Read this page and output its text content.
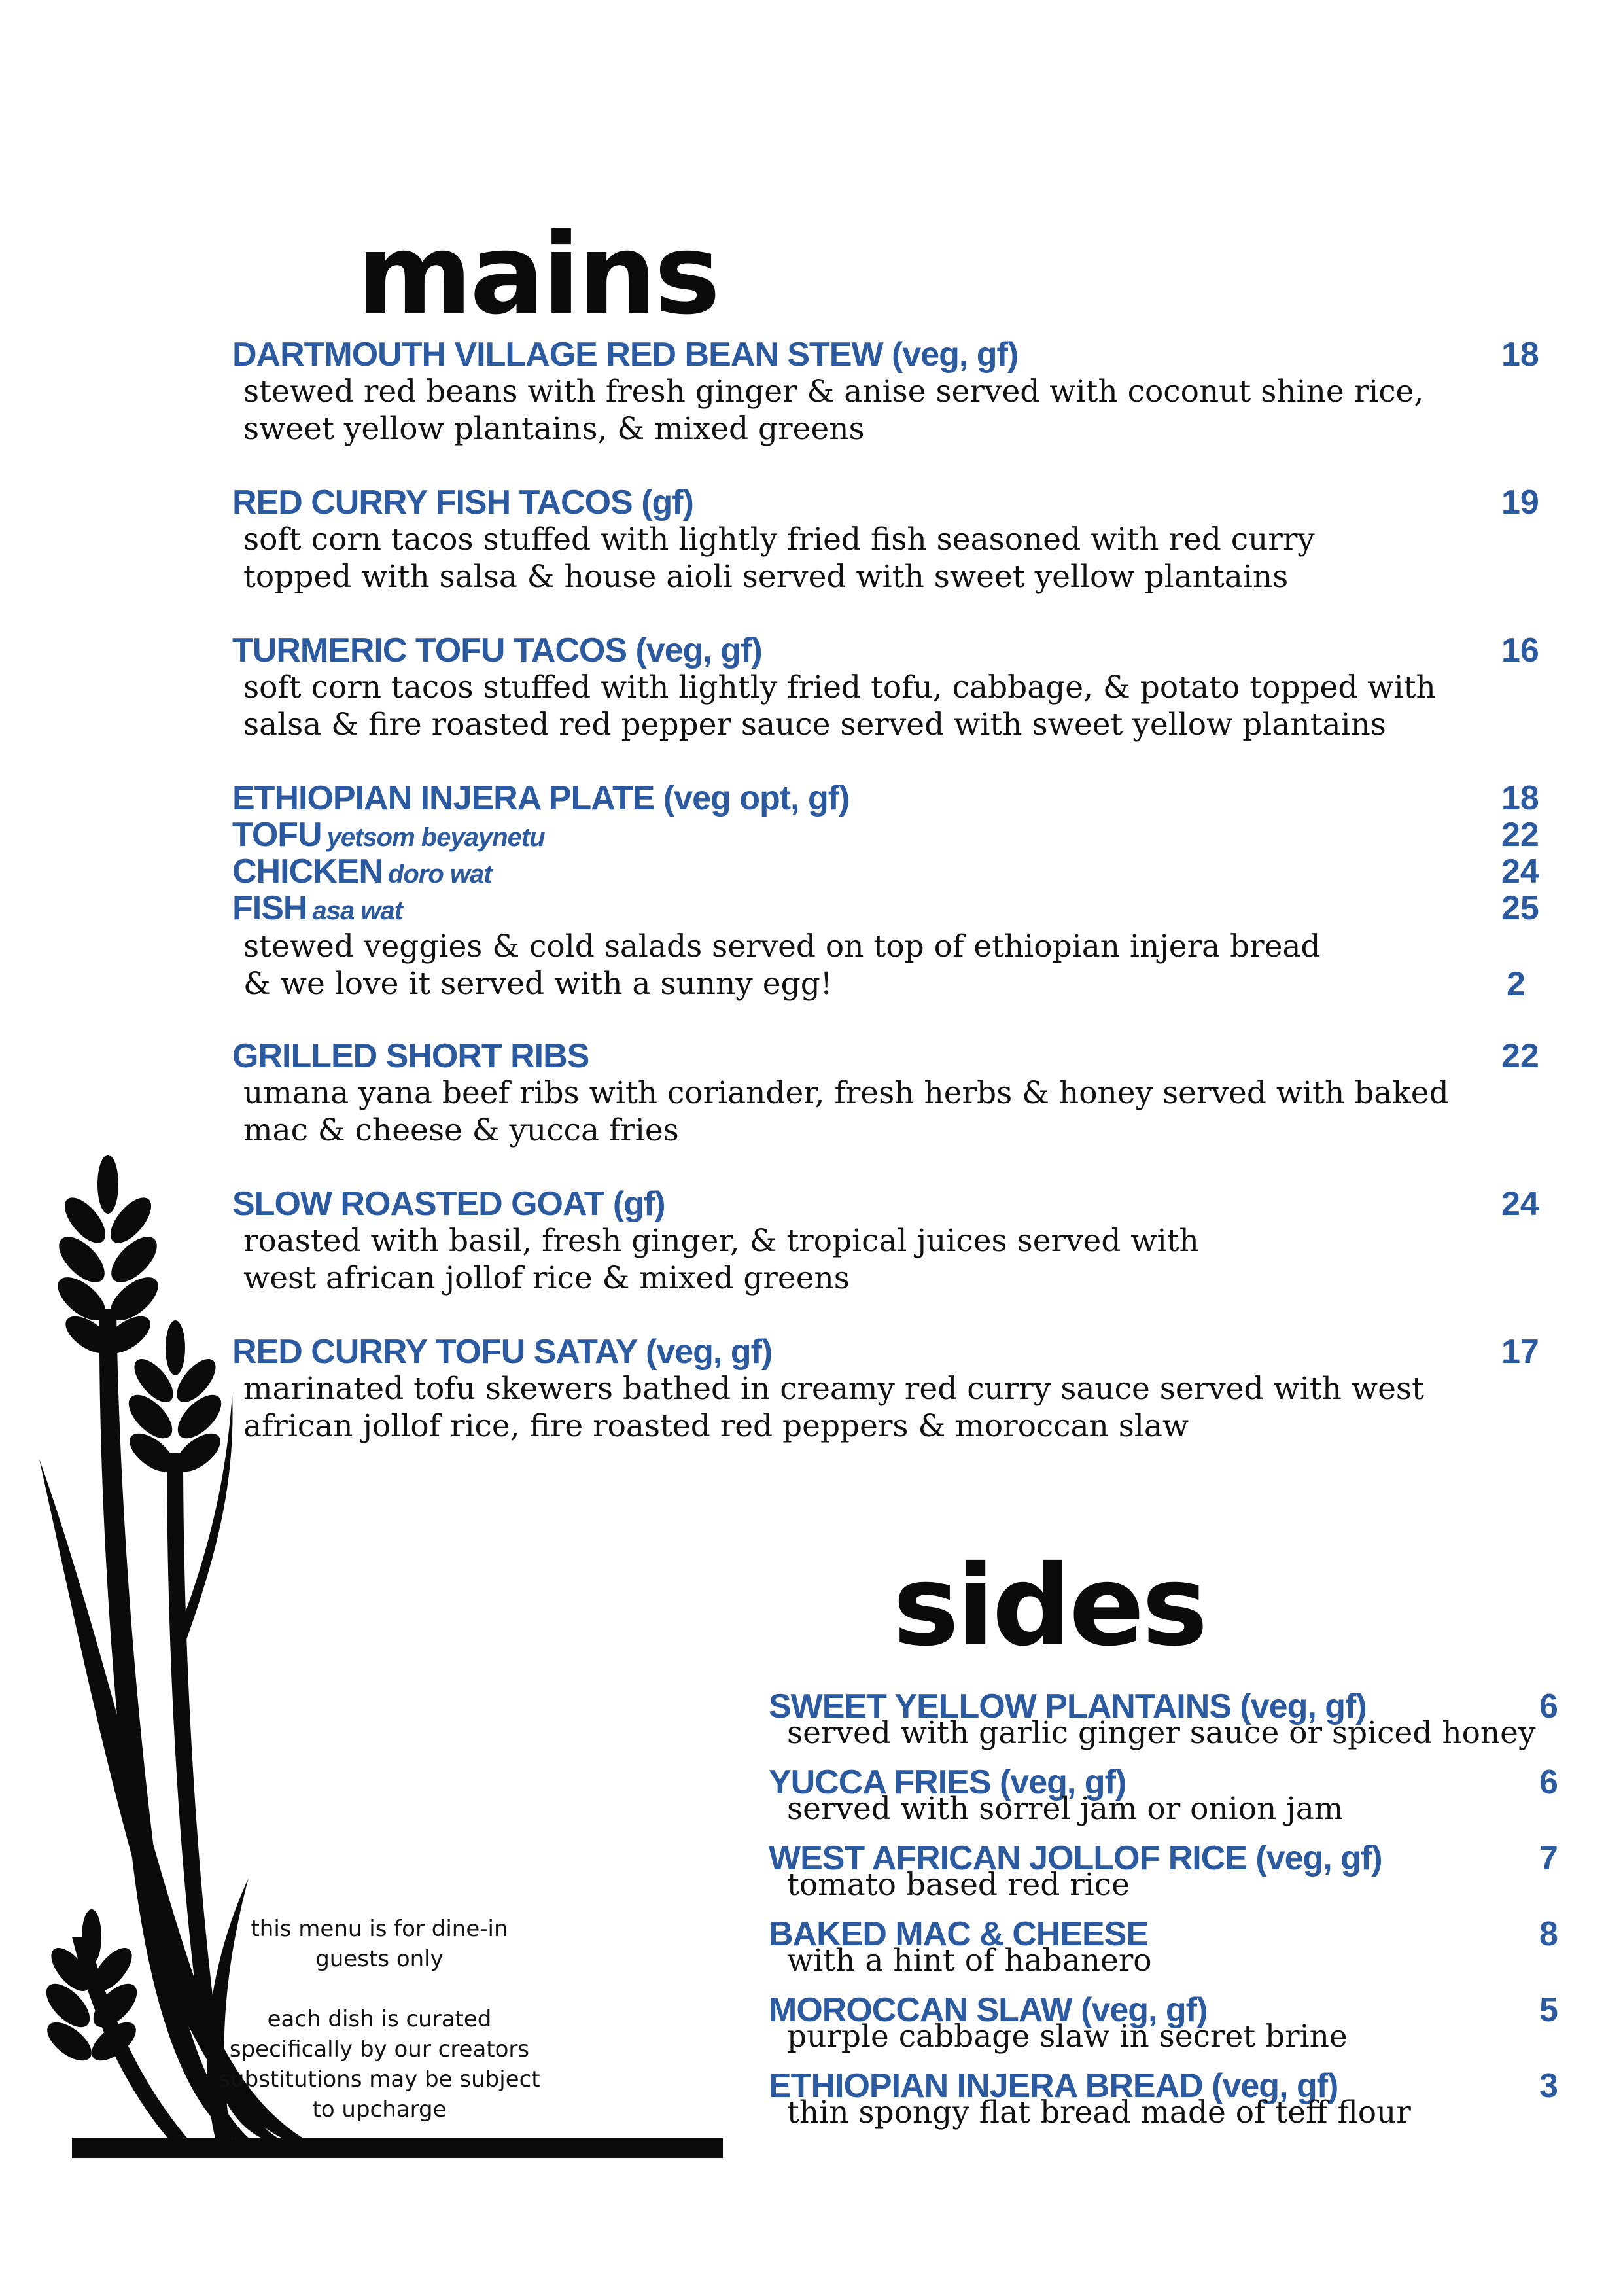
mains
DARTMOUTH VILLAGE RED BEAN STEW (veg, gf)	18
stewed red beans with fresh ginger & anise served with coconut shine rice,
sweet yellow plantains, & mixed greens
RED CURRY FISH TACOS (gf)	19
soft corn tacos stuffed with lightly fried fish seasoned with red curry
topped with salsa & house aioli served with sweet yellow plantains
TURMERIC TOFU TACOS (veg, gf)	16
soft corn tacos stuffed with lightly fried tofu, cabbage, & potato topped with
salsa & fire roasted red pepper sauce served with sweet yellow plantains
ETHIOPIAN INJERA PLATE (veg opt, gf)	18
TOFU yetsom beyaynetu	22
CHICKEN doro wat	24
FISH asa wat	25
stewed veggies & cold salads served on top of ethiopian injera bread
& we love it served with a sunny egg!	2
GRILLED SHORT RIBS	22
umana yana beef ribs with coriander, fresh herbs & honey served with baked
mac & cheese & yucca fries
SLOW ROASTED GOAT (gf)	24
roasted with basil, fresh ginger, & tropical juices served with
west african jollof rice & mixed greens
RED CURRY TOFU SATAY (veg, gf)	17
marinated tofu skewers bathed in creamy red curry sauce served with west
african jollof rice, fire roasted red peppers & moroccan slaw
sides
SWEET YELLOW PLANTAINS (veg, gf)	6
served with garlic ginger sauce or spiced honey
YUCCA FRIES (veg, gf)	6
served with sorrel jam or onion jam
WEST AFRICAN JOLLOF RICE (veg, gf)	7
tomato based red rice
BAKED MAC & CHEESE	8
with a hint of habanero
MOROCCAN SLAW (veg, gf)	5
purple cabbage slaw in secret brine
ETHIOPIAN INJERA BREAD (veg, gf)	3
thin spongy flat bread made of teff flour
this menu is for dine-in
guests only
each dish is curated
specifically by our creators
substitutions may be subject
to upcharge
